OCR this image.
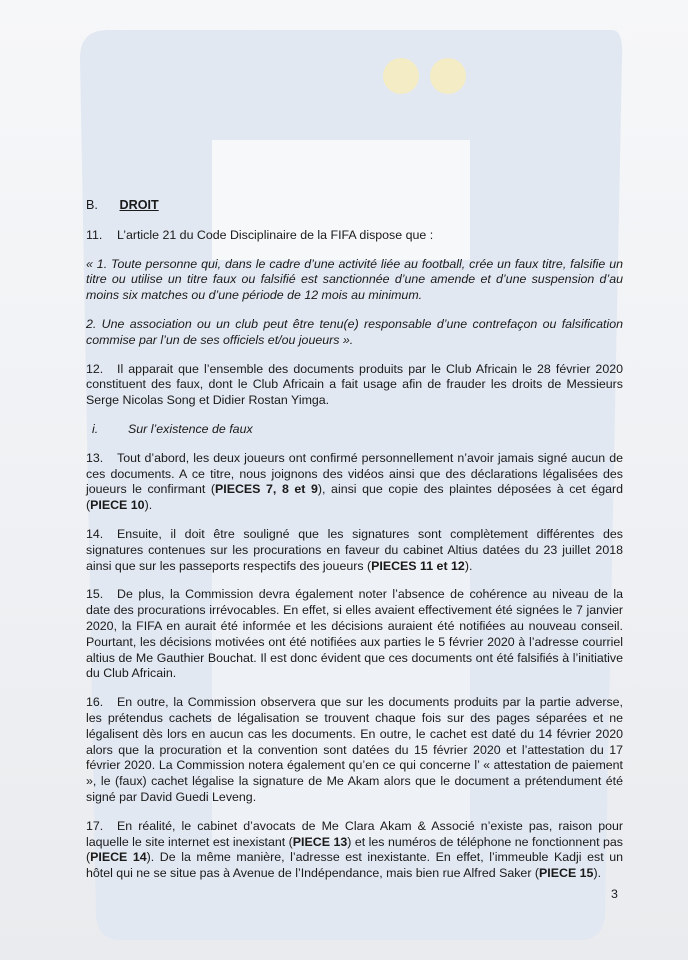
B. DROIT

11. L’article 21 du Code Disciplinaire de la FIFA dispose que :

« 1. Toute personne qui, dans le cadre d’une activité liée au football, crée un faux titre, falsifie un titre ou utilise un titre faux ou falsifié est sanctionnée d’une amende et d’une suspension d’au moins six matches ou d’une période de 12 mois au minimum.

2. Une association ou un club peut être tenu(e) responsable d’une contrefaçon ou falsification commise par l’un de ses officiels et/ou joueurs ».

12. Il apparait que l’ensemble des documents produits par le Club Africain le 28 février 2020 constituent des faux, dont le Club Africain a fait usage afin de frauder les droits de Messieurs Serge Nicolas Song et Didier Rostan Yimga.

i. Sur l’existence de faux

13. Tout d’abord, les deux joueurs ont confirmé personnellement n’avoir jamais signé aucun de ces documents. A ce titre, nous joignons des vidéos ainsi que des déclarations légalisées des joueurs le confirmant (PIECES 7, 8 et 9), ainsi que copie des plaintes déposées à cet égard (PIECE 10).

14. Ensuite, il doit être souligné que les signatures sont complètement différentes des signatures contenues sur les procurations en faveur du cabinet Altius datées du 23 juillet 2018 ainsi que sur les passeports respectifs des joueurs (PIECES 11 et 12).

15. De plus, la Commission devra également noter l’absence de cohérence au niveau de la date des procurations irrévocables. En effet, si elles avaient effectivement été signées le 7 janvier 2020, la FIFA en aurait été informée et les décisions auraient été notifiées au nouveau conseil. Pourtant, les décisions motivées ont été notifiées aux parties le 5 février 2020 à l’adresse courriel altius de Me Gauthier Bouchat. Il est donc évident que ces documents ont été falsifiés à l’initiative du Club Africain.

16. En outre, la Commission observera que sur les documents produits par la partie adverse, les prétendus cachets de légalisation se trouvent chaque fois sur des pages séparées et ne légalisent dès lors en aucun cas les documents. En outre, le cachet est daté du 14 février 2020 alors que la procuration et la convention sont datées du 15 février 2020 et l’attestation du 17 février 2020. La Commission notera également qu’en ce qui concerne l’ « attestation de paiement », le (faux) cachet légalise la signature de Me Akam alors que le document a prétendument été signé par David Guedi Leveng.

17. En réalité, le cabinet d’avocats de Me Clara Akam & Associé n’existe pas, raison pour laquelle le site internet est inexistant (PIECE 13) et les numéros de téléphone ne fonctionnent pas (PIECE 14). De la même manière, l’adresse est inexistante. En effet, l’immeuble Kadji est un hôtel qui ne se situe pas à Avenue de l’Indépendance, mais bien rue Alfred Saker (PIECE 15).

3
